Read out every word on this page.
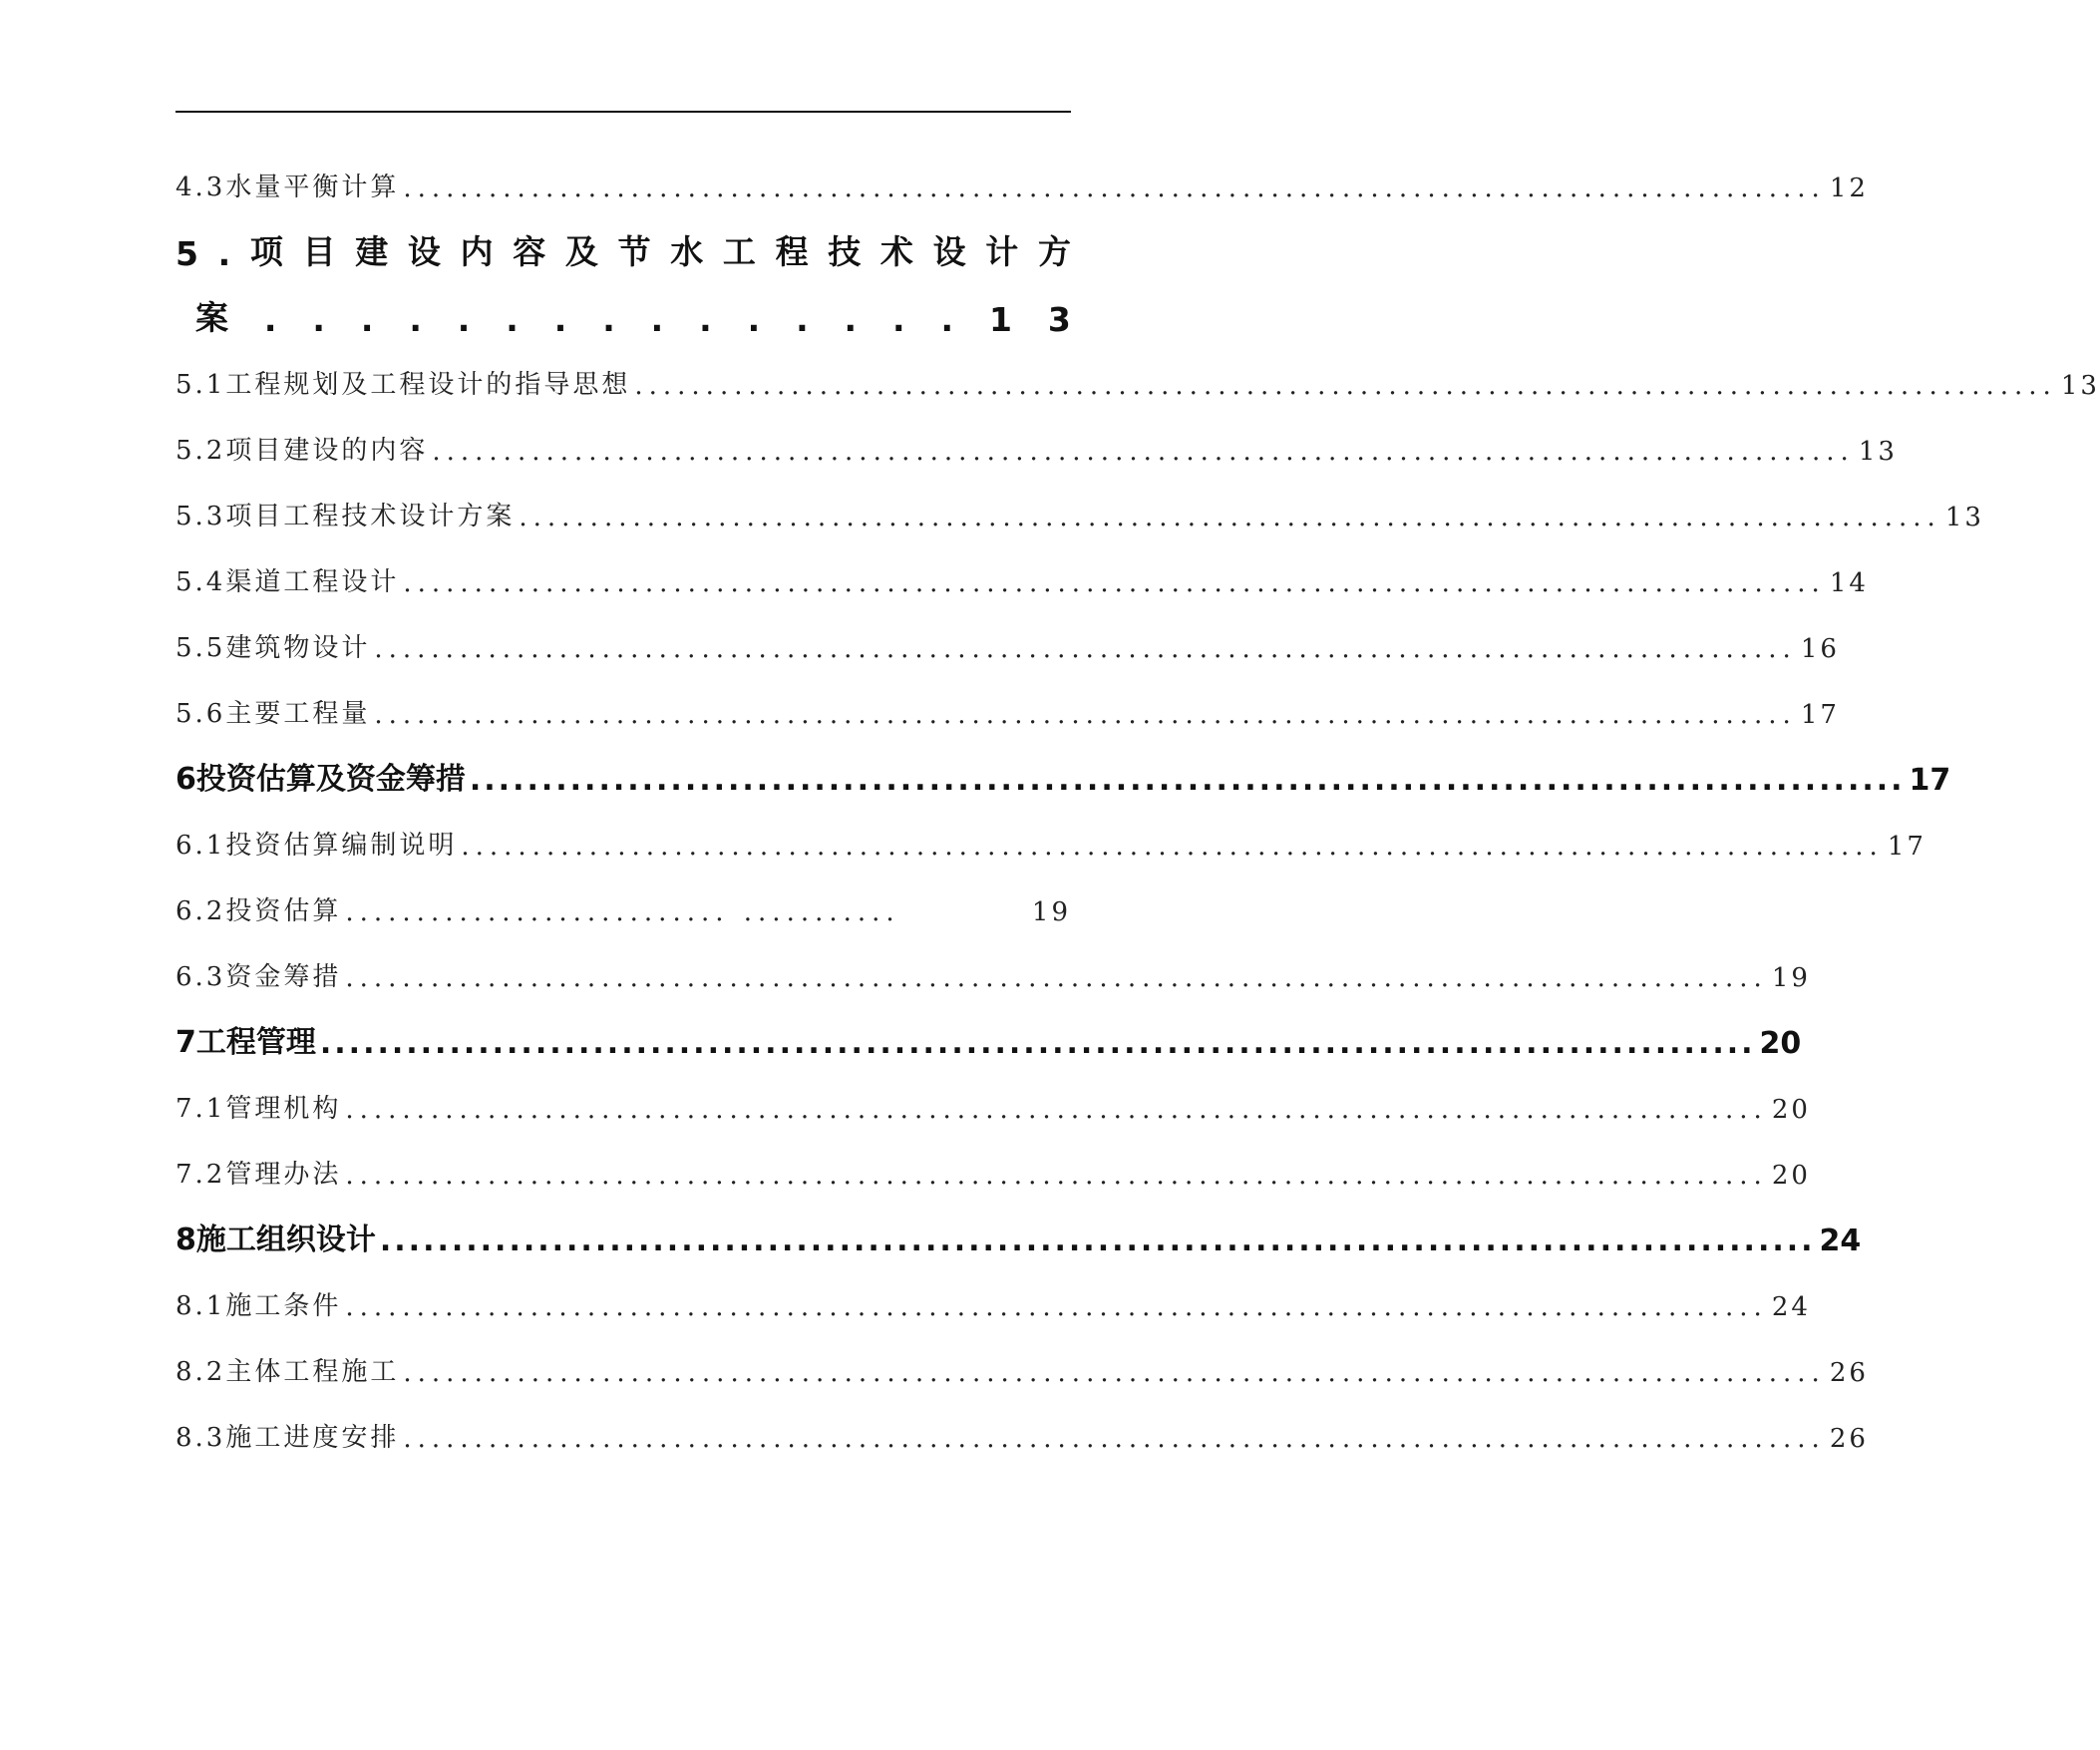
4.3水量平衡计算 .................................................................................................... 12
5 . 项 目 建 设 内 容 及 节 水 工 程 技 术 设 计 方
案 . . . . . . . . . . . . . . . 1 3
5.1工程规划及工程设计的指导思想 .................................................................................................... 13
5.2项目建设的内容 .................................................................................................... 13
5.3项目工程技术设计方案 .................................................................................................... 13
5.4渠道工程设计 .................................................................................................... 14
5.5建筑物设计 .................................................................................................... 16
5.6主要工程量 .................................................................................................... 17
6投资估算及资金筹措 .................................................................................................... 17
6.1投资估算编制说明 .................................................................................................... 17
6.2投资估算 ........................... ...........	19
6.3资金筹措 .................................................................................................... 19
7工程管理 .................................................................................................... 20
7.1管理机构 .................................................................................................... 20
7.2管理办法 .................................................................................................... 20
8施工组织设计 .................................................................................................... 24
8.1施工条件 .................................................................................................... 24
8.2主体工程施工 .................................................................................................... 26
8.3施工进度安排 .................................................................................................... 26
